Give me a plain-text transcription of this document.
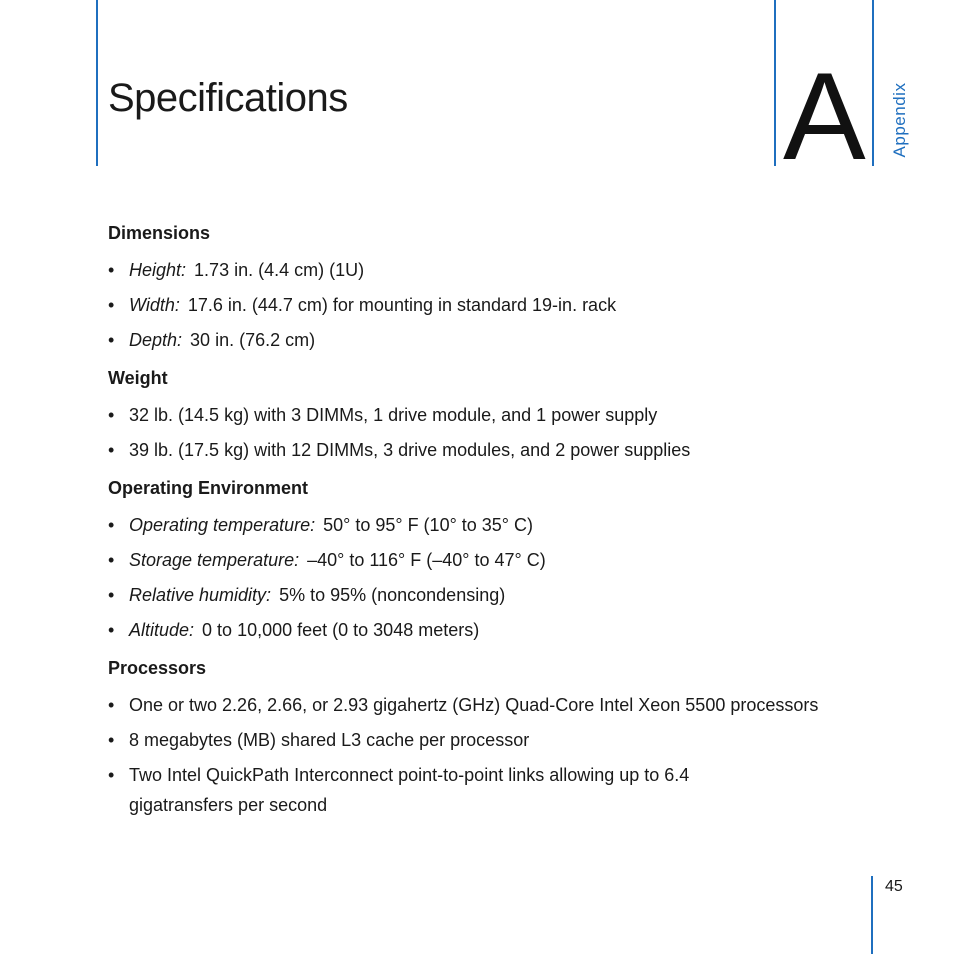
Specifications	A Appendix
Dimensions
• Height: 1.73 in. (4.4 cm) (1U)
• Width: 17.6 in. (44.7 cm) for mounting in standard 19-in. rack
• Depth: 30 in. (76.2 cm)
Weight
• 32 lb. (14.5 kg) with 3 DIMMs, 1 drive module, and 1 power supply
• 39 lb. (17.5 kg) with 12 DIMMs, 3 drive modules, and 2 power supplies
Operating Environment
• Operating temperature: 50° to 95° F (10° to 35° C)
• Storage temperature: –40° to 116° F (–40° to 47° C)
• Relative humidity: 5% to 95% (noncondensing)
• Altitude: 0 to 10,000 feet (0 to 3048 meters)
Processors
• One or two 2.26, 2.66, or 2.93 gigahertz (GHz) Quad-Core Intel Xeon 5500 processors
• 8 megabytes (MB) shared L3 cache per processor
• Two Intel QuickPath Interconnect point-to-point links allowing up to 6.4 gigatransfers per second
45
